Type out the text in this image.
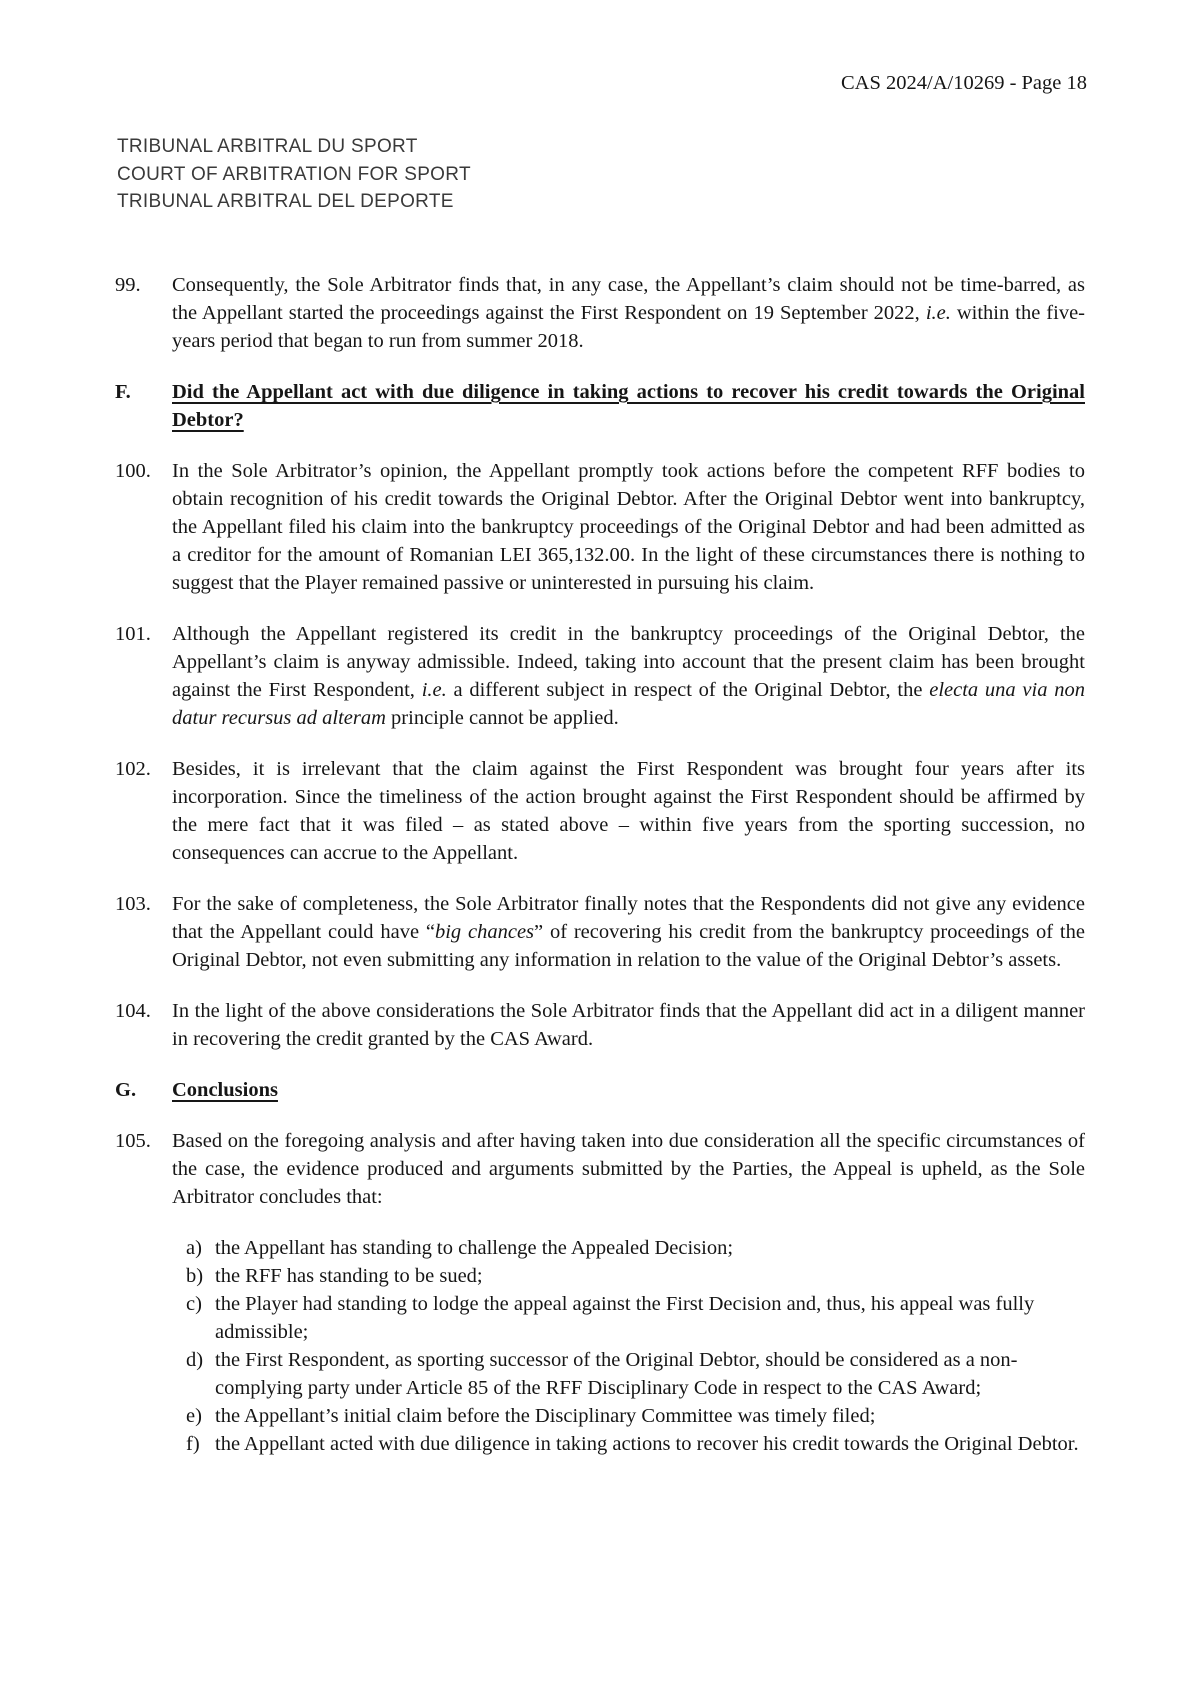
CAS 2024/A/10269 - Page 18
TRIBUNAL ARBITRAL DU SPORT
COURT OF ARBITRATION FOR SPORT
TRIBUNAL ARBITRAL DEL DEPORTE
99.	Consequently, the Sole Arbitrator finds that, in any case, the Appellant’s claim should not be time-barred, as the Appellant started the proceedings against the First Respondent on 19 September 2022, i.e. within the five-years period that began to run from summer 2018.
F.	Did the Appellant act with due diligence in taking actions to recover his credit towards the Original Debtor?
100.	In the Sole Arbitrator’s opinion, the Appellant promptly took actions before the competent RFF bodies to obtain recognition of his credit towards the Original Debtor. After the Original Debtor went into bankruptcy, the Appellant filed his claim into the bankruptcy proceedings of the Original Debtor and had been admitted as a creditor for the amount of Romanian LEI 365,132.00. In the light of these circumstances there is nothing to suggest that the Player remained passive or uninterested in pursuing his claim.
101.	Although the Appellant registered its credit in the bankruptcy proceedings of the Original Debtor, the Appellant’s claim is anyway admissible. Indeed, taking into account that the present claim has been brought against the First Respondent, i.e. a different subject in respect of the Original Debtor, the electa una via non datur recursus ad alteram principle cannot be applied.
102.	Besides, it is irrelevant that the claim against the First Respondent was brought four years after its incorporation. Since the timeliness of the action brought against the First Respondent should be affirmed by the mere fact that it was filed – as stated above – within five years from the sporting succession, no consequences can accrue to the Appellant.
103.	For the sake of completeness, the Sole Arbitrator finally notes that the Respondents did not give any evidence that the Appellant could have “big chances” of recovering his credit from the bankruptcy proceedings of the Original Debtor, not even submitting any information in relation to the value of the Original Debtor’s assets.
104.	In the light of the above considerations the Sole Arbitrator finds that the Appellant did act in a diligent manner in recovering the credit granted by the CAS Award.
G.	Conclusions
105.	Based on the foregoing analysis and after having taken into due consideration all the specific circumstances of the case, the evidence produced and arguments submitted by the Parties, the Appeal is upheld, as the Sole Arbitrator concludes that:
a) the Appellant has standing to challenge the Appealed Decision;
b) the RFF has standing to be sued;
c) the Player had standing to lodge the appeal against the First Decision and, thus, his appeal was fully admissible;
d) the First Respondent, as sporting successor of the Original Debtor, should be considered as a non-complying party under Article 85 of the RFF Disciplinary Code in respect to the CAS Award;
e) the Appellant’s initial claim before the Disciplinary Committee was timely filed;
f) the Appellant acted with due diligence in taking actions to recover his credit towards the Original Debtor.
